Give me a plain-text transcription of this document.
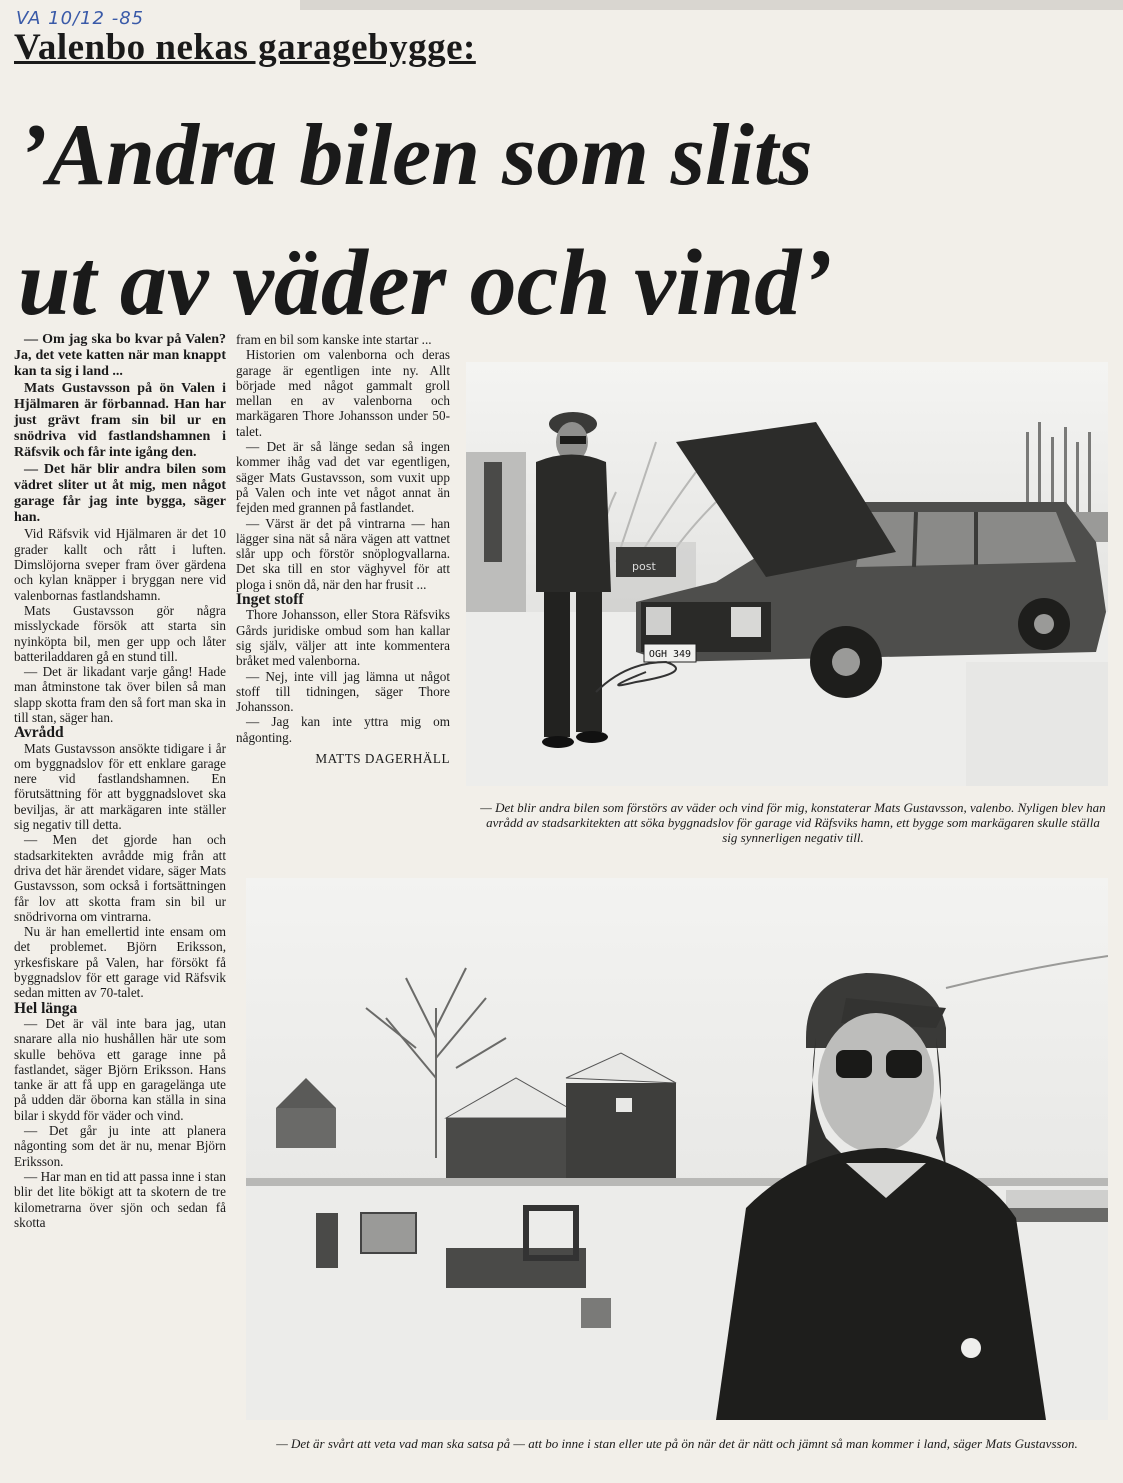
VA 10/12 -85
Valenbo nekas garagebygge:
’Andra bilen som slits
ut av väder och vind’

— Om jag ska bo kvar på Valen? Ja, det vete katten när man knappt kan ta sig i land ...

Mats Gustavsson på ön Valen i Hjälmaren är förbannad. Han har just grävt fram sin bil ur en snödriva vid fastlandshamnen i Räfsvik och får inte igång den.

— Det här blir andra bilen som vädret sliter ut åt mig, men något garage får jag inte bygga, säger han.

Vid Räfsvik vid Hjälmaren är det 10 grader kallt och rått i luften. Dimslöjorna sveper fram över gärdena och kylan knäpper i bryggan nere vid valenbornas fastlandshamn.

Mats Gustavsson gör några misslyckade försök att starta sin nyinköpta bil, men ger upp och låter batteriladdaren gå en stund till.

— Det är likadant varje gång! Hade man åtminstone tak över bilen så man slapp skotta fram den så fort man ska in till stan, säger han.

Avrådd

Mats Gustavsson ansökte tidigare i år om byggnadslov för ett enklare garage nere vid fastlandshamnen. En förutsättning för att byggnadslovet ska beviljas, är att markägaren inte ställer sig negativ till detta.

— Men det gjorde han och stadsarkitekten avrådde mig från att driva det här ärendet vidare, säger Mats Gustavsson, som också i fortsättningen får lov att skotta fram sin bil ur snödrivorna om vintrarna.

Nu är han emellertid inte ensam om det problemet. Björn Eriksson, yrkesfiskare på Valen, har försökt få byggnadslov för ett garage vid Räfsvik sedan mitten av 70-talet.

Hel länga

— Det är väl inte bara jag, utan snarare alla nio hushållen här ute som skulle behöva ett garage inne på fastlandet, säger Björn Eriksson. Hans tanke är att få upp en garagelänga ute på udden där öborna kan ställa in sina bilar i skydd för väder och vind.

— Det går ju inte att planera någonting som det är nu, menar Björn Eriksson.

— Har man en tid att passa inne i stan blir det lite bökigt att ta skotern de tre kilometrarna över sjön och sedan få skotta

fram en bil som kanske inte startar ...

Historien om valenborna och deras garage är egentligen inte ny. Allt började med något gammalt groll mellan en av valenborna och markägaren Thore Johansson under 50-talet.

— Det är så länge sedan så ingen kommer ihåg vad det var egentligen, säger Mats Gustavsson, som vuxit upp på Valen och inte vet något annat än fejden med grannen på fastlandet.

— Värst är det på vintrarna — han lägger sina nät så nära vägen att vattnet slår upp och förstör snöplogvallarna. Det ska till en stor väghyvel för att ploga i snön då, när den har frusit ...

Inget stoff

Thore Johansson, eller Stora Räfsviks Gårds juridiske ombud som han kallar sig själv, väljer att inte kommentera bråket med valenborna.

— Nej, inte vill jag lämna ut något stoff till tidningen, säger Thore Johansson.

— Jag kan inte yttra mig om någonting.

MATTS DAGERHÄLL

OGH 349
post
— Det blir andra bilen som förstörs av väder och vind för mig, konstaterar Mats Gustavsson, valenbo. Nyligen blev han avrådd av stadsarkitekten att söka byggnadslov för garage vid Räfsviks hamn, ett bygge som markägaren skulle ställa sig synnerligen negativ till.
— Det är svårt att veta vad man ska satsa på — att bo inne i stan eller ute på ön när det är nätt och jämnt så man kommer i land, säger Mats Gustavsson.
